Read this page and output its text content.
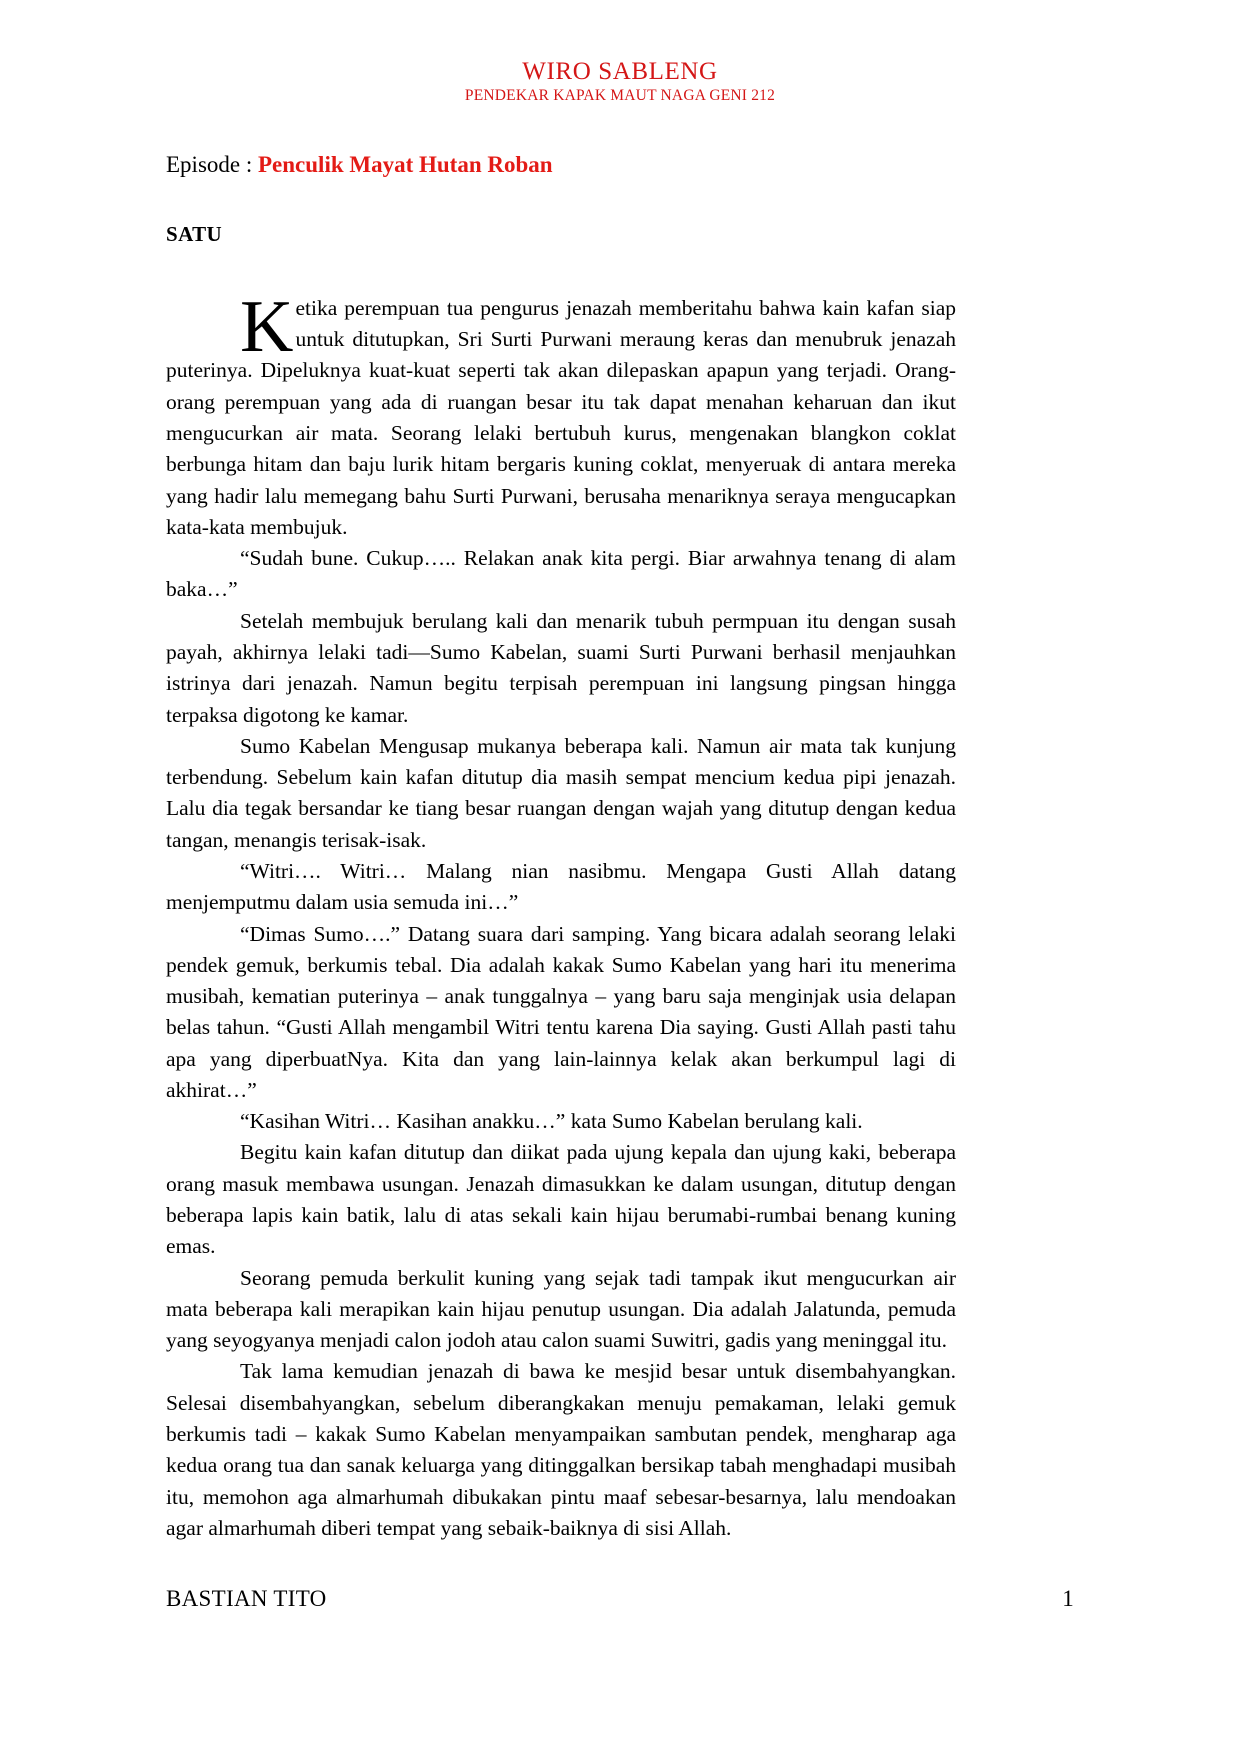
WIRO SABLENG
PENDEKAR KAPAK MAUT NAGA GENI 212
Episode : Penculik Mayat Hutan Roban
SATU

Ketika perempuan tua pengurus jenazah memberitahu bahwa kain kafan siap untuk ditutupkan, Sri Surti Purwani meraung keras dan menubruk jenazah puterinya. Dipeluknya kuat-kuat seperti tak akan dilepaskan apapun yang terjadi. Orang-orang perempuan yang ada di ruangan besar itu tak dapat menahan keharuan dan ikut mengucurkan air mata. Seorang lelaki bertubuh kurus, mengenakan blangkon coklat berbunga hitam dan baju lurik hitam bergaris kuning coklat, menyeruak di antara mereka yang hadir lalu memegang bahu Surti Purwani, berusaha menariknya seraya mengucapkan kata-kata membujuk.

“Sudah bune. Cukup….. Relakan anak kita pergi. Biar arwahnya tenang di alam baka…”

Setelah membujuk berulang kali dan menarik tubuh permpuan itu dengan susah payah, akhirnya lelaki tadi—Sumo Kabelan, suami Surti Purwani berhasil menjauhkan istrinya dari jenazah. Namun begitu terpisah perempuan ini langsung pingsan hingga terpaksa digotong ke kamar.

Sumo Kabelan Mengusap mukanya beberapa kali. Namun air mata tak kunjung terbendung. Sebelum kain kafan ditutup dia masih sempat mencium kedua pipi jenazah. Lalu dia tegak bersandar ke tiang besar ruangan dengan wajah yang ditutup dengan kedua tangan, menangis terisak-isak.

“Witri…. Witri… Malang nian nasibmu. Mengapa Gusti Allah datang menjemputmu dalam usia semuda ini…”

“Dimas Sumo….” Datang suara dari samping. Yang bicara adalah seorang lelaki pendek gemuk, berkumis tebal. Dia adalah kakak Sumo Kabelan yang hari itu menerima musibah, kematian puterinya – anak tunggalnya – yang baru saja menginjak usia delapan belas tahun. “Gusti Allah mengambil Witri tentu karena Dia saying. Gusti Allah pasti tahu apa yang diperbuatNya. Kita dan yang lain-lainnya kelak akan berkumpul lagi di akhirat…”

“Kasihan Witri… Kasihan anakku…” kata Sumo Kabelan berulang kali.

Begitu kain kafan ditutup dan diikat pada ujung kepala dan ujung kaki, beberapa orang masuk membawa usungan. Jenazah dimasukkan ke dalam usungan, ditutup dengan beberapa lapis kain batik, lalu di atas sekali kain hijau berumabi-rumbai benang kuning emas.

Seorang pemuda berkulit kuning yang sejak tadi tampak ikut mengucurkan air mata beberapa kali merapikan kain hijau penutup usungan. Dia adalah Jalatunda, pemuda yang seyogyanya menjadi calon jodoh atau calon suami Suwitri, gadis yang meninggal itu.

Tak lama kemudian jenazah di bawa ke mesjid besar untuk disembahyangkan. Selesai disembahyangkan, sebelum diberangkakan menuju pemakaman, lelaki gemuk berkumis tadi – kakak Sumo Kabelan menyampaikan sambutan pendek, mengharap aga kedua orang tua dan sanak keluarga yang ditinggalkan bersikap tabah menghadapi musibah itu, memohon aga almarhumah dibukakan pintu maaf sebesar-besarnya, lalu mendoakan agar almarhumah diberi tempat yang sebaik-baiknya di sisi Allah.

BASTIAN TITO	1
